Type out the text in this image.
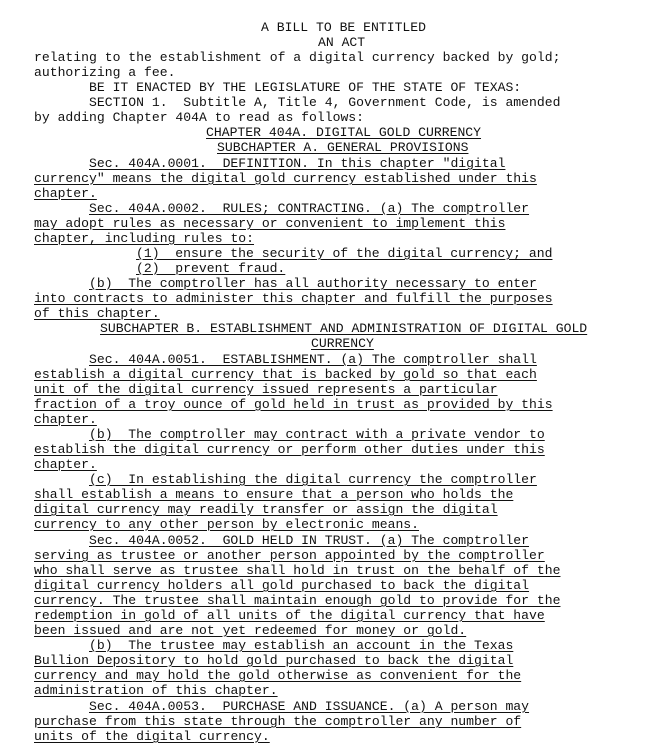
A BILL TO BE ENTITLED
AN ACT
relating to the establishment of a digital currency backed by gold;
authorizing a fee.
BE IT ENACTED BY THE LEGISLATURE OF THE STATE OF TEXAS:
SECTION 1.  Subtitle A, Title 4, Government Code, is amended
by adding Chapter 404A to read as follows:
CHAPTER 404A. DIGITAL GOLD CURRENCY
SUBCHAPTER A. GENERAL PROVISIONS
Sec. 404A.0001.  DEFINITION. In this chapter "digital
currency" means the digital gold currency established under this
chapter.
Sec. 404A.0002.  RULES; CONTRACTING. (a) The comptroller
may adopt rules as necessary or convenient to implement this
chapter, including rules to:
(1)  ensure the security of the digital currency; and
(2)  prevent fraud.
(b)  The comptroller has all authority necessary to enter
into contracts to administer this chapter and fulfill the purposes
of this chapter.
SUBCHAPTER B. ESTABLISHMENT AND ADMINISTRATION OF DIGITAL GOLD
CURRENCY
Sec. 404A.0051.  ESTABLISHMENT. (a) The comptroller shall
establish a digital currency that is backed by gold so that each
unit of the digital currency issued represents a particular
fraction of a troy ounce of gold held in trust as provided by this
chapter.
(b)  The comptroller may contract with a private vendor to
establish the digital currency or perform other duties under this
chapter.
(c)  In establishing the digital currency the comptroller
shall establish a means to ensure that a person who holds the
digital currency may readily transfer or assign the digital
currency to any other person by electronic means.
Sec. 404A.0052.  GOLD HELD IN TRUST. (a) The comptroller
serving as trustee or another person appointed by the comptroller
who shall serve as trustee shall hold in trust on the behalf of the
digital currency holders all gold purchased to back the digital
currency. The trustee shall maintain enough gold to provide for the
redemption in gold of all units of the digital currency that have
been issued and are not yet redeemed for money or gold.
(b)  The trustee may establish an account in the Texas
Bullion Depository to hold gold purchased to back the digital
currency and may hold the gold otherwise as convenient for the
administration of this chapter.
Sec. 404A.0053.  PURCHASE AND ISSUANCE. (a) A person may
purchase from this state through the comptroller any number of
units of the digital currency.
